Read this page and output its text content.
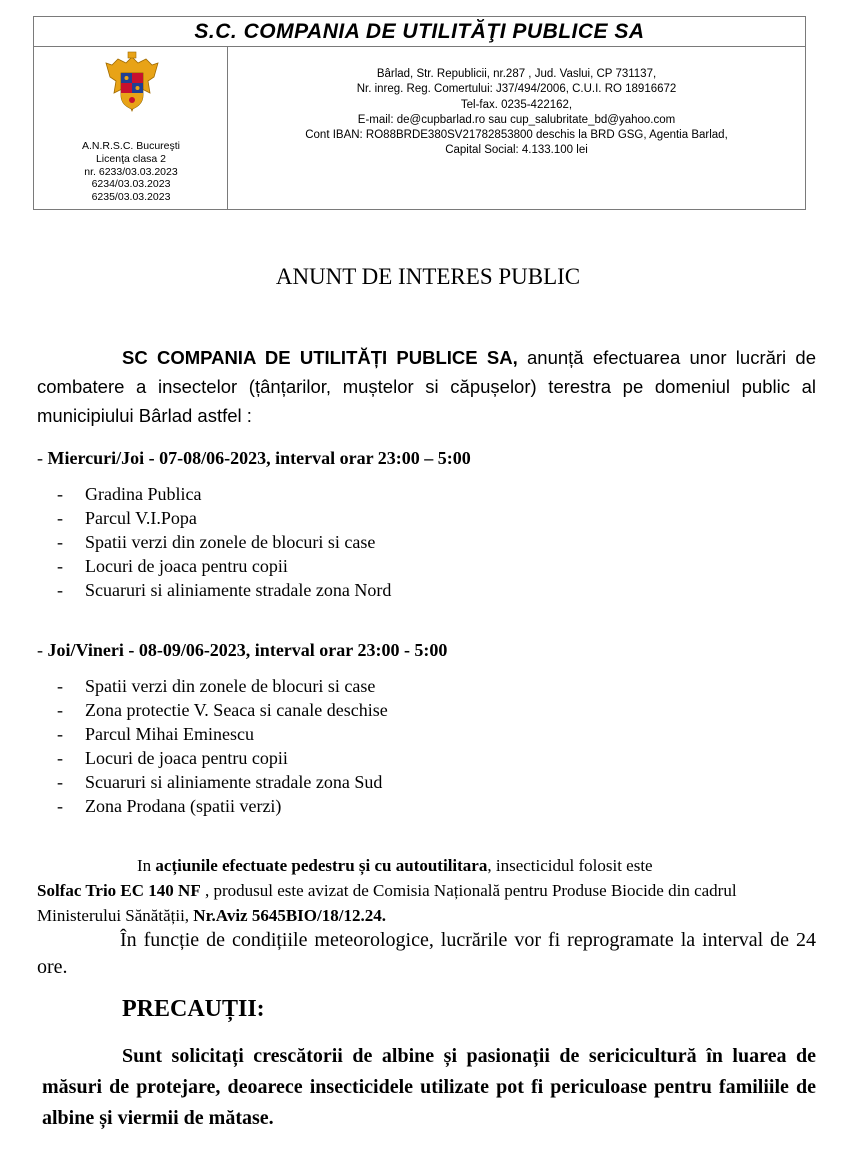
S.C. COMPANIA DE UTILITĂŢI PUBLICE SA
A.N.R.S.C. Bucureşti
Licenţa clasa 2
nr. 6233/03.03.2023
6234/03.03.2023
6235/03.03.2023
Bârlad, Str. Republicii, nr.287 , Jud. Vaslui, CP 731137,
Nr. inreg. Reg. Comertului: J37/494/2006, C.U.I. RO 18916672
Tel-fax. 0235-422162,
E-mail: de@cupbarlad.ro sau cup_salubritate_bd@yahoo.com
Cont IBAN: RO88BRDE380SV21782853800 deschis la BRD GSG, Agentia Barlad,
Capital Social: 4.133.100 lei
ANUNT DE INTERES PUBLIC
SC COMPANIA DE UTILITĂȚI PUBLICE SA, anunță efectuarea unor lucrări de combatere a insectelor (țânțarilor, muștelor si căpușelor) terestra pe domeniul public al municipiului Bârlad astfel :
- Miercuri/Joi - 07-08/06-2023, interval orar 23:00 – 5:00
- Gradina Publica
- Parcul V.I.Popa
- Spatii verzi din zonele de blocuri si case
- Locuri de joaca pentru copii
- Scuaruri si aliniamente stradale zona Nord
- Joi/Vineri - 08-09/06-2023, interval orar 23:00 - 5:00
- Spatii verzi din zonele de blocuri si case
- Zona protectie V. Seaca si canale deschise
- Parcul Mihai Eminescu
- Locuri de joaca pentru copii
- Scuaruri si aliniamente stradale zona Sud
- Zona Prodana (spatii verzi)
In acțiunile efectuate pedestru și cu autoutilitara, insecticidul folosit este
Solfac Trio EC 140 NF , produsul este avizat de Comisia Națională pentru Produse Biocide din cadrul Ministerului Sănătății, Nr.Aviz 5645BIO/18/12.24.
În funcție de condițiile meteorologice, lucrările vor fi reprogramate la interval de 24 ore.
PRECAUȚII:
Sunt solicitați crescătorii de albine și pasionații de sericicultură în luarea de măsuri de protejare, deoarece insecticidele utilizate pot fi periculoase pentru familiile de albine și viermii de mătase.
